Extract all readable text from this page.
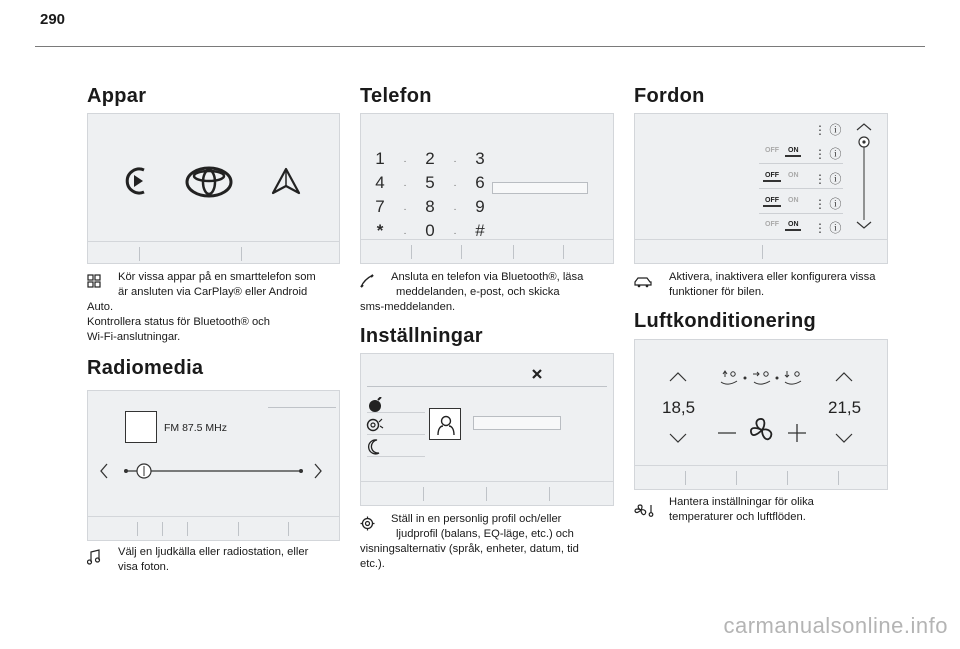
290
Appar
Kör vissa appar på en smarttelefon som
är ansluten via CarPlay® eller Android
Auto.
Kontrollera status för Bluetooth® och
Wi-Fi-anslutningar.
Radiomedia
FM 87.5 MHz
Välj en ljudkälla eller radiostation, eller
visa foton.
Telefon
1 · 2 · 3
4 · 5 · 6
7 · 8 · 9
* · 0 · #
Ansluta en telefon via Bluetooth®, läsa
meddelanden, e-post, och skicka
sms-meddelanden.
Inställningar
Ställ in en personlig profil och/eller
ljudprofil (balans, EQ-läge, etc.) och
visningsalternativ (språk, enheter, datum, tid
etc.).
Fordon
⋮ ⓘ
OFF ON ⋮ ⓘ
OFF ON ⋮ ⓘ
OFF ON ⋮ ⓘ
OFF ON ⋮ ⓘ
Aktivera, inaktivera eller konfigurera vissa
funktioner för bilen.
Luftkonditionering
18,5	21,5
Hantera inställningar för olika
temperaturer och luftflöden.
carmanualsonline.info
